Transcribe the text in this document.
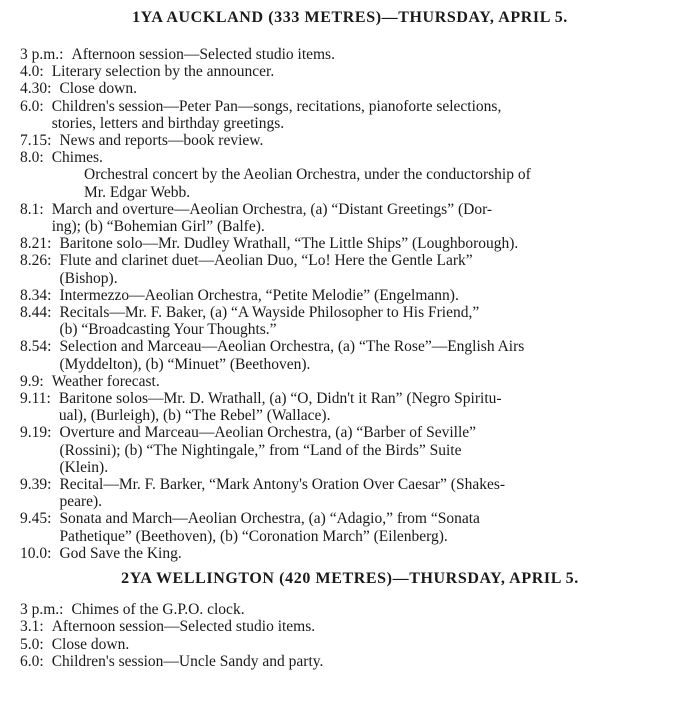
1YA AUCKLAND (333 METRES)—THURSDAY, APRIL 5.
3 p.m.: Afternoon session—Selected studio items.
4.0: Literary selection by the announcer.
4.30: Close down.
6.0: Children's session—Peter Pan—songs, recitations, pianoforte selections,
stories, letters and birthday greetings.
7.15: News and reports—book review.
8.0: Chimes.
Orchestral concert by the Aeolian Orchestra, under the conductorship of
Mr. Edgar Webb.
8.1: March and overture—Aeolian Orchestra, (a) “Distant Greetings” (Dor-
ing); (b) “Bohemian Girl” (Balfe).
8.21: Baritone solo—Mr. Dudley Wrathall, “The Little Ships” (Loughborough).
8.26: Flute and clarinet duet—Aeolian Duo, “Lo! Here the Gentle Lark”
(Bishop).
8.34: Intermezzo—Aeolian Orchestra, “Petite Melodie” (Engelmann).
8.44: Recitals—Mr. F. Baker, (a) “A Wayside Philosopher to His Friend,”
(b) “Broadcasting Your Thoughts.”
8.54: Selection and Marceau—Aeolian Orchestra, (a) “The Rose”—English Airs
(Myddelton), (b) “Minuet” (Beethoven).
9.9: Weather forecast.
9.11: Baritone solos—Mr. D. Wrathall, (a) “O, Didn't it Ran” (Negro Spiritu-
ual), (Burleigh), (b) “The Rebel” (Wallace).
9.19: Overture and Marceau—Aeolian Orchestra, (a) “Barber of Seville”
(Rossini); (b) “The Nightingale,” from “Land of the Birds” Suite
(Klein).
9.39: Recital—Mr. F. Barker, “Mark Antony's Oration Over Caesar” (Shakes-
peare).
9.45: Sonata and March—Aeolian Orchestra, (a) “Adagio,” from “Sonata
Pathetique” (Beethoven), (b) “Coronation March” (Eilenberg).
10.0: God Save the King.
2YA WELLINGTON (420 METRES)—THURSDAY, APRIL 5.
3 p.m.: Chimes of the G.P.O. clock.
3.1: Afternoon session—Selected studio items.
5.0: Close down.
6.0: Children's session—Uncle Sandy and party.
